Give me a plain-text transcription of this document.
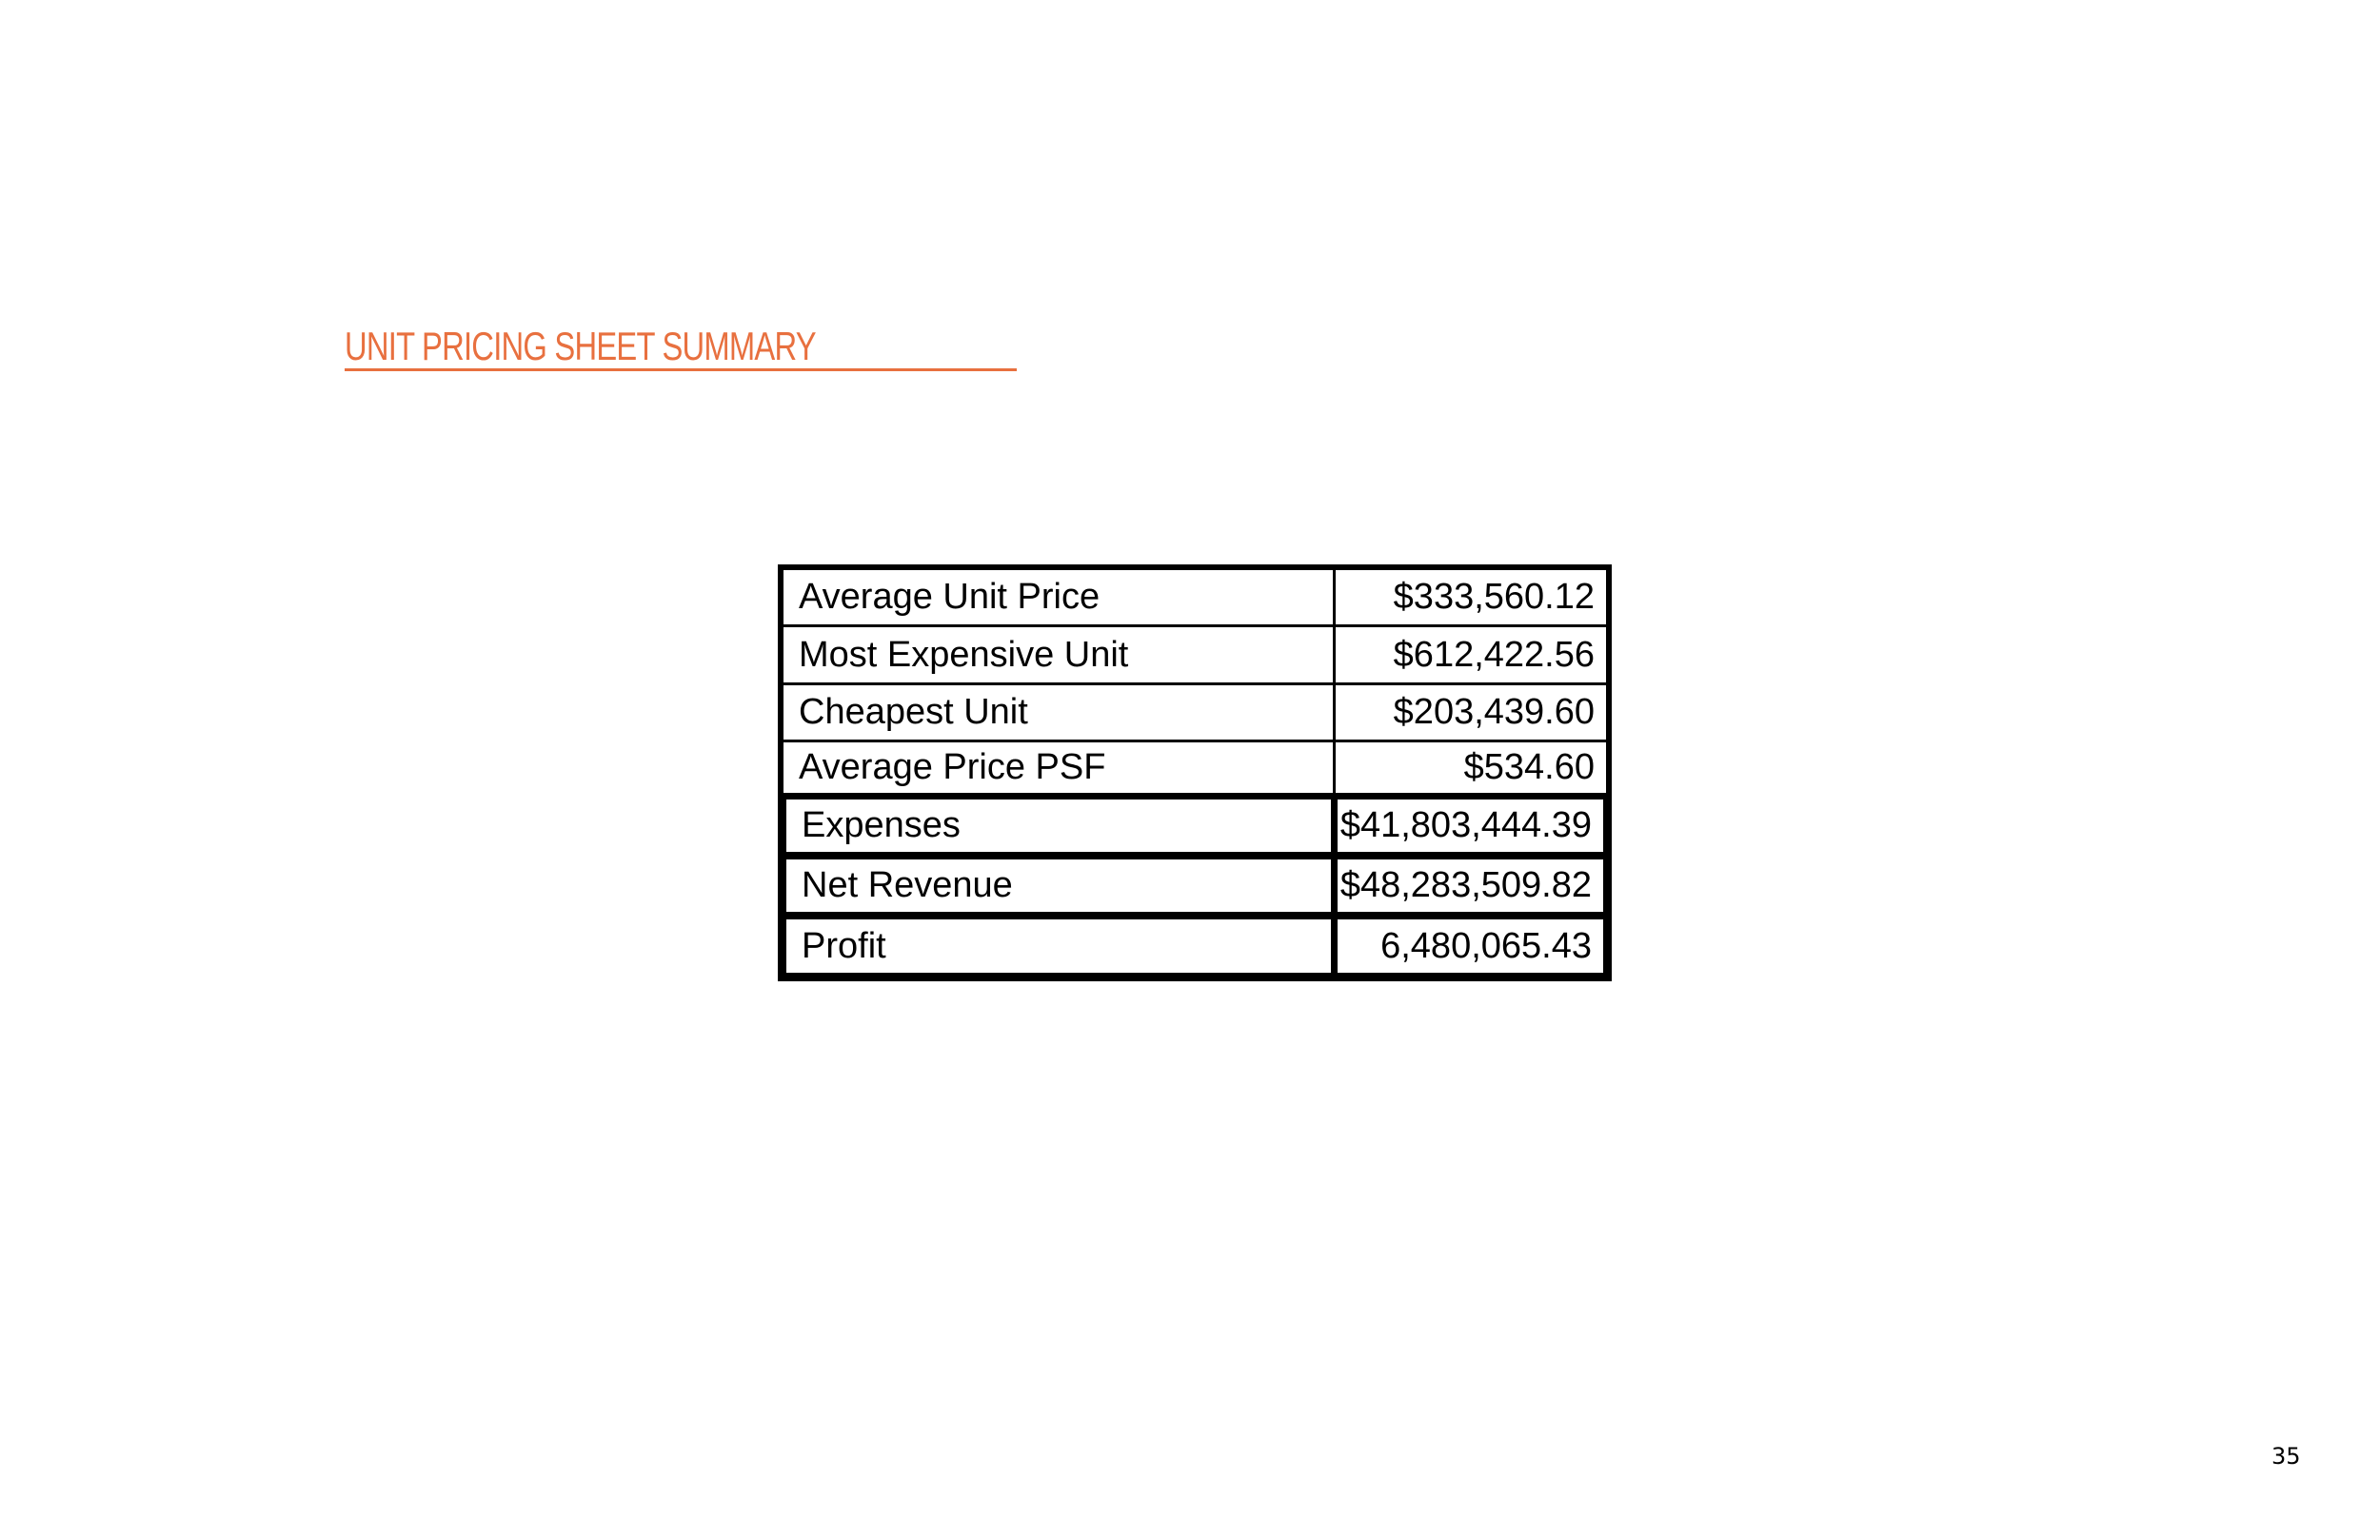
UNIT PRICING SHEET SUMMARY
Average Unit Price	$333,560.12
Most Expensive Unit	$612,422.56
Cheapest Unit	$203,439.60
Average Price PSF	$534.60
Expenses	$41,803,444.39
Net Revenue	$48,283,509.82
Profit	6,480,065.43
35
